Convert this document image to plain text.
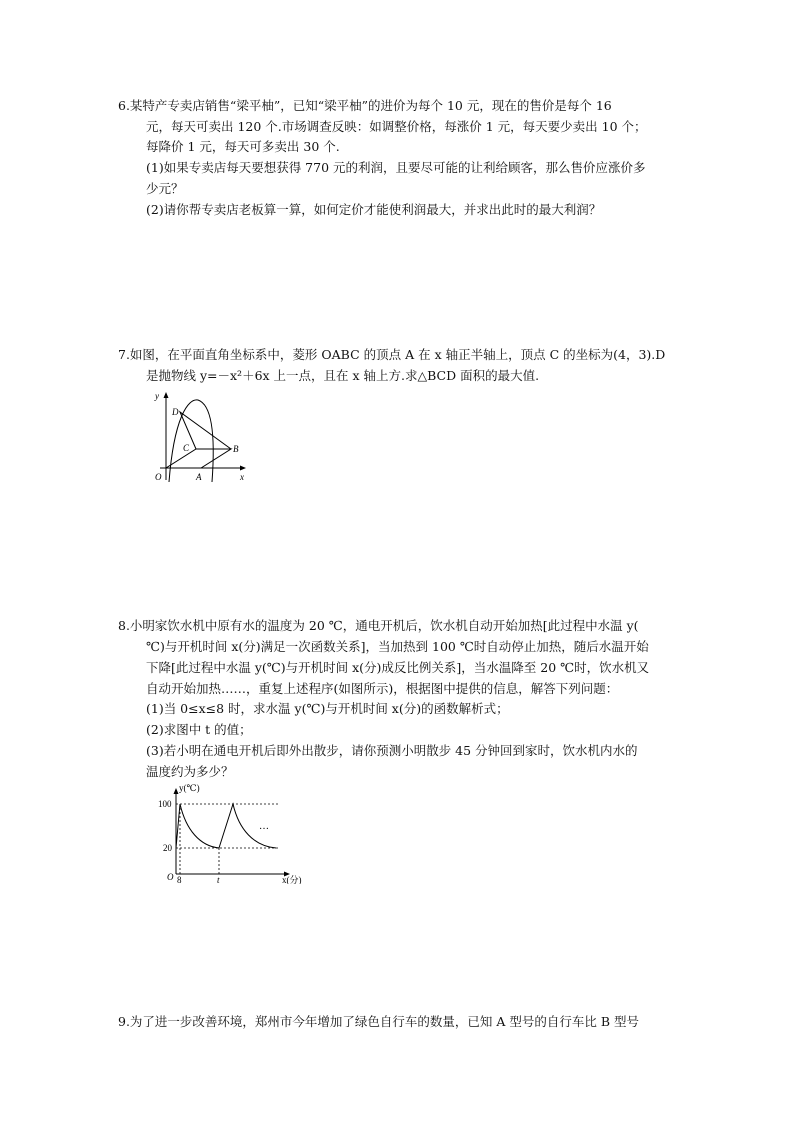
6.某特产专卖店销售“梁平柚”，已知“梁平柚”的进价为每个 10 元，现在的售价是每个 16
元，每天可卖出 120 个.市场调查反映：如调整价格，每涨价 1 元，每天要少卖出 10 个；
每降价 1 元，每天可多卖出 30 个.
(1)如果专卖店每天要想获得 770 元的利润，且要尽可能的让利给顾客，那么售价应涨价多
少元？
(2)请你帮专卖店老板算一算，如何定价才能使利润最大，并求出此时的最大利润？
7.如图，在平面直角坐标系中，菱形 OABC 的顶点 A 在 x 轴正半轴上，顶点 C 的坐标为(4，3).D
是抛物线 y=－x²＋6x 上一点，且在 x 轴上方.求△BCD 面积的最大值.
y
x
O	A
B
C
D
8.小明家饮水机中原有水的温度为 20 ℃，通电开机后，饮水机自动开始加热[此过程中水温 y(
℃)与开机时间 x(分)满足一次函数关系]，当加热到 100 ℃时自动停止加热，随后水温开始
下降[此过程中水温 y(℃)与开机时间 x(分)成反比例关系]，当水温降至 20 ℃时，饮水机又
自动开始加热……，重复上述程序(如图所示)，根据图中提供的信息，解答下列问题：
(1)当 0≤x≤8 时，求水温 y(℃)与开机时间 x(分)的函数解析式；
(2)求图中 t 的值；
(3)若小明在通电开机后即外出散步，请你预测小明散步 45 分钟回到家时，饮水机内水的
温度约为多少？
y(℃)
x(分)
O
100
20
8	t
…
9.为了进一步改善环境，郑州市今年增加了绿色自行车的数量，已知 A 型号的自行车比 B 型号
